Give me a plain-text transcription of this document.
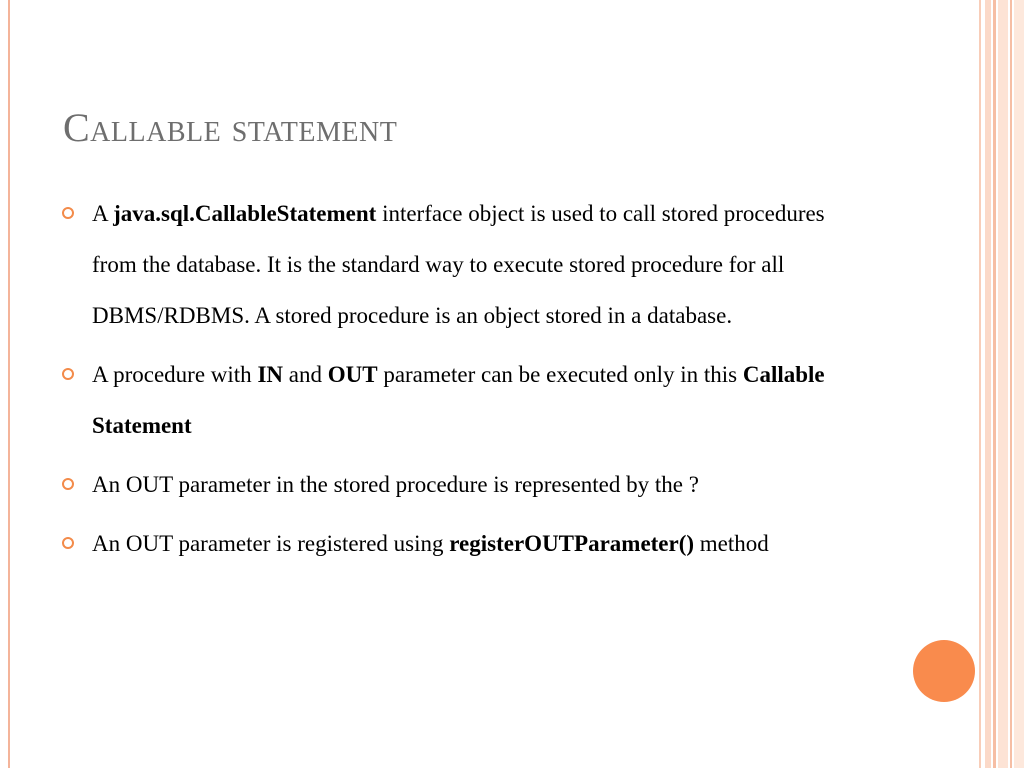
Callable statement
A java.sql.CallableStatement interface object is used to call stored procedures from the database. It is the standard way to execute stored procedure for all DBMS/RDBMS. A stored procedure is an object stored in a database.
A procedure with IN and OUT parameter can be executed only in this Callable Statement
An OUT parameter in the stored procedure is represented by the ?
An OUT parameter is registered using registerOUTParameter() method
